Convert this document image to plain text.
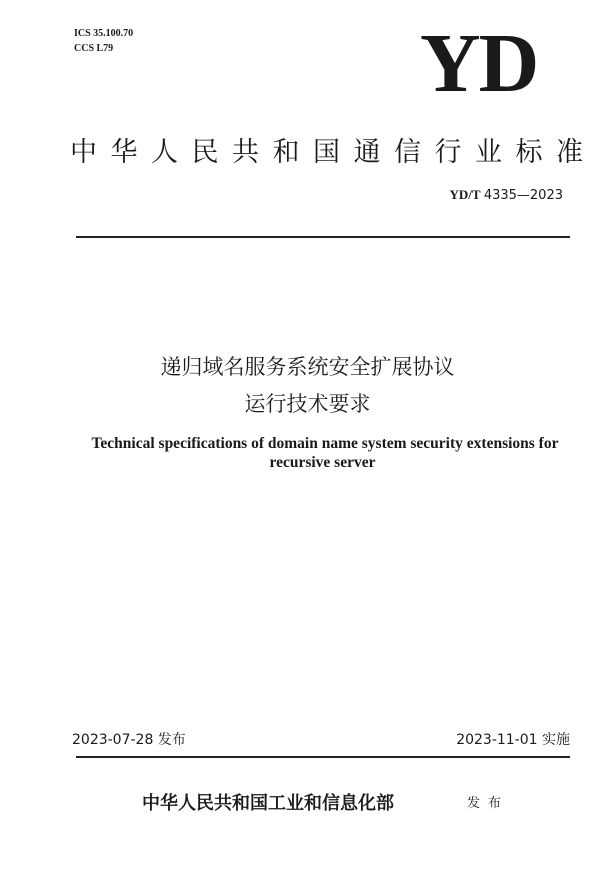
ICS 35.100.70
CCS L79	YD
中华人民共和国通信行业标准
YD/T 4335—2023
递归域名服务系统安全扩展协议
运行技术要求
Technical specifications of domain name system security extensions for
recursive server
2023-07-28 发布	2023-11-01 实施
中华人民共和国工业和信息化部	发布
